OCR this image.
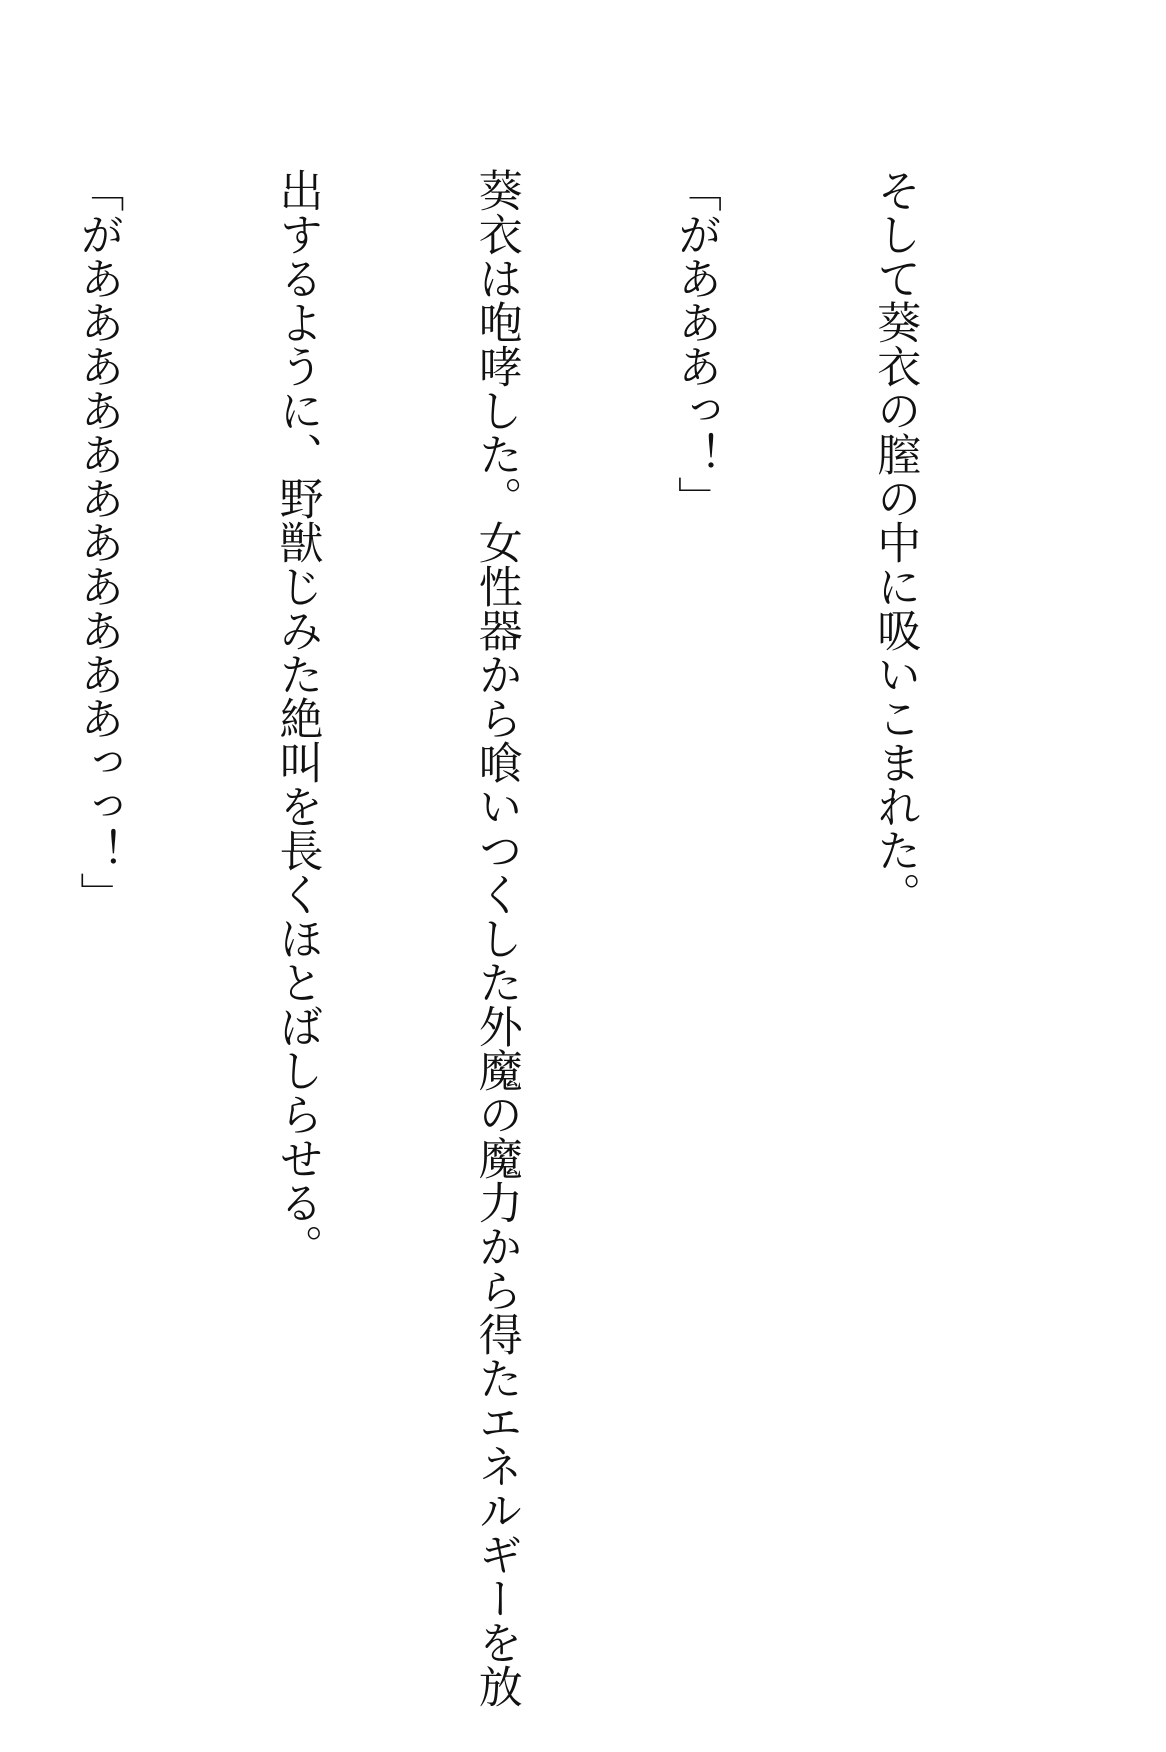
そして葵衣の膣の中に吸いこまれた。

「があああっ！」

葵衣は咆哮した。女性器から喰いつくした外魔の魔力から得たエネルギーを放

出するように、野獣じみた絶叫を長くほとばしらせる。

「があああああああああああっっ！」
